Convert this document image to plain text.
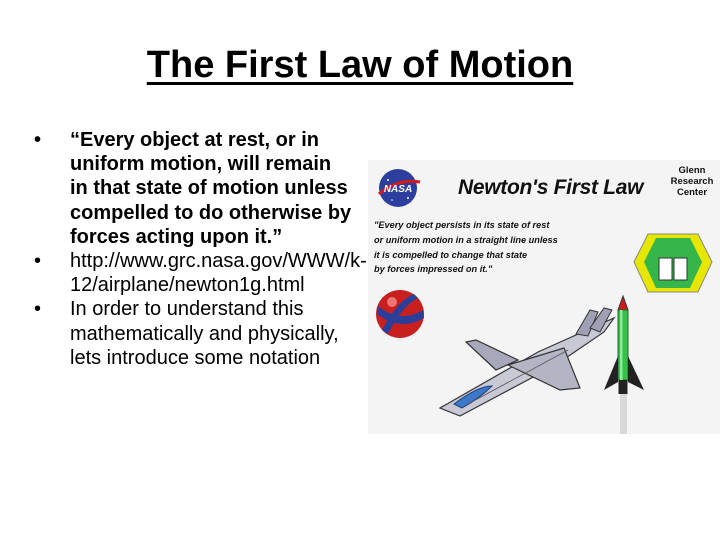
The First Law of Motion
• “Every object at rest, or in uniform motion, will remain in that state of motion unless compelled to do otherwise by forces acting upon it.”
• http://www.grc.nasa.gov/WWW/k-12/airplane/newton1g.html
• In order to understand this mathematically and physically, lets introduce some notation
NASA Newton's First Law
Glenn Research Center
"Every object persists in its state of rest
or uniform motion in a straight line unless
it is compelled to change that state
by forces impressed on it."
